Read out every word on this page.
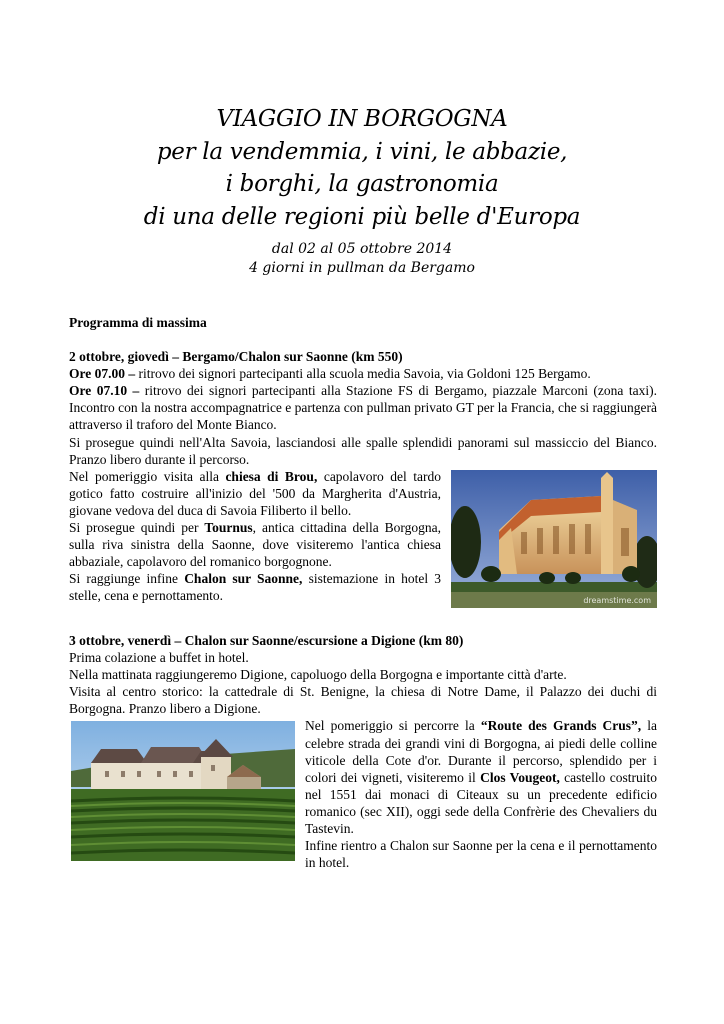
VIAGGIO IN BORGOGNA
per la vendemmia, i vini, le abbazie,
i borghi, la gastronomia
di una delle regioni più belle d'Europa
dal 02 al 05 ottobre 2014
4 giorni in pullman da Bergamo

Programma di massima

2 ottobre, giovedì – Bergamo/Chalon sur Saonne (km 550)

Ore 07.00 – ritrovo dei signori partecipanti alla scuola media Savoia, via Goldoni 125 Bergamo.

Ore 07.10 – ritrovo dei signori partecipanti alla Stazione FS di Bergamo, piazzale Marconi (zona taxi). Incontro con la nostra accompagnatrice e partenza con pullman privato GT per la Francia, che si raggiungerà attraverso il traforo del Monte Bianco.

Si prosegue quindi nell'Alta Savoia, lasciandosi alle spalle splendidi panorami sul massiccio del Bianco. Pranzo libero durante il percorso.

dreamstime.com

Nel pomeriggio visita alla chiesa di Brou, capolavoro del tardo gotico fatto costruire all'inizio del '500 da Margherita d'Austria, giovane vedova del duca di Savoia Filiberto il bello.

Si prosegue quindi per Tournus, antica cittadina della Borgogna, sulla riva sinistra della Saonne, dove visiteremo l'antica chiesa abbaziale, capolavoro del romanico borgognone.

Si raggiunge infine Chalon sur Saonne, sistemazione in hotel 3 stelle, cena e pernottamento.

3 ottobre, venerdì – Chalon sur Saonne/escursione a Digione (km 80)

Prima colazione a buffet in hotel.

Nella mattinata raggiungeremo Digione, capoluogo della Borgogna e importante città d'arte.

Visita al centro storico: la cattedrale di St. Benigne, la chiesa di Notre Dame, il Palazzo dei duchi di Borgogna. Pranzo libero a Digione.

Nel pomeriggio si percorre la “Route des Grands Crus”, la celebre strada dei grandi vini di Borgogna, ai piedi delle colline viticole della Cote d'or. Durante il percorso, splendido per i colori dei vigneti, visiteremo il Clos Vougeot, castello costruito nel 1551 dai monaci di Citeaux su un precedente edificio romanico (sec XII), oggi sede della Confrèrie des Chevaliers du Tastevin.

Infine rientro a Chalon sur Saonne per la cena e il pernottamento in hotel.
